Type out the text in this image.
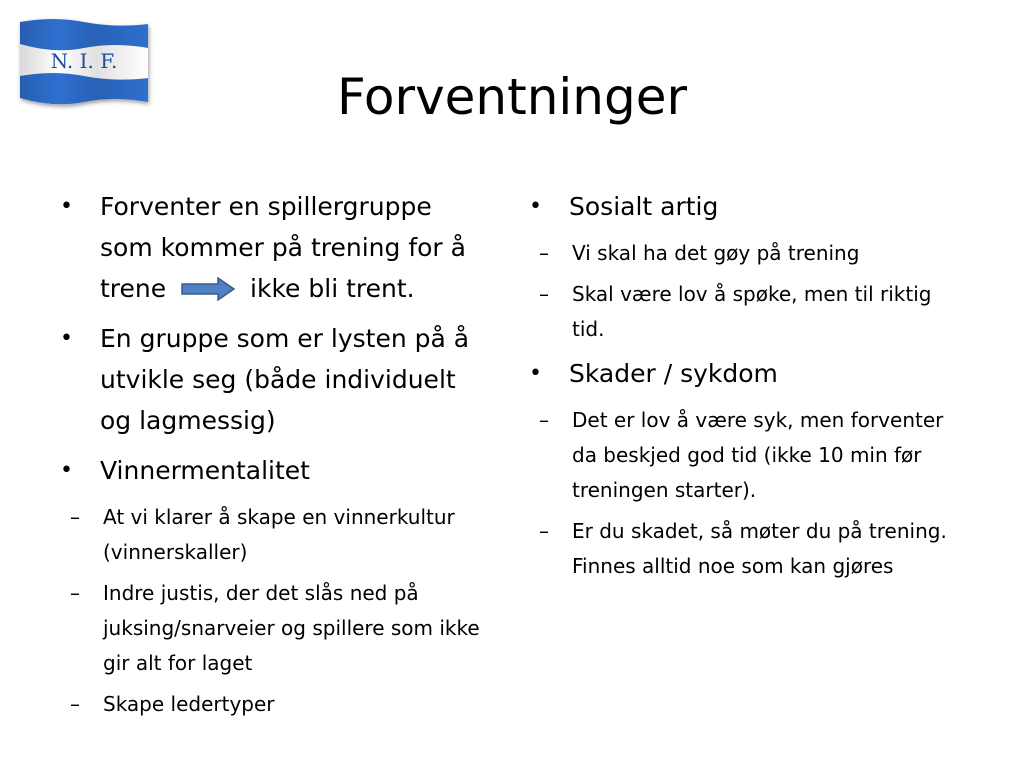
N. I. F.
Forventninger
• Forventer en spillergruppe som kommer på trening for å trene	ikke bli trent.
• En gruppe som er lysten på å utvikle seg (både individuelt og lagmessig)
• Vinnermentalitet
– At vi klarer å skape en vinnerkultur (vinnerskaller)
– Indre justis, der det slås ned på juksing/snarveier og spillere som ikke gir alt for laget
– Skape ledertyper
• Sosialt artig
– Vi skal ha det gøy på trening
– Skal være lov å spøke, men til riktig tid.
• Skader / sykdom
– Det er lov å være syk, men forventer da beskjed god tid (ikke 10 min før treningen starter).
– Er du skadet, så møter du på trening. Finnes alltid noe som kan gjøres
